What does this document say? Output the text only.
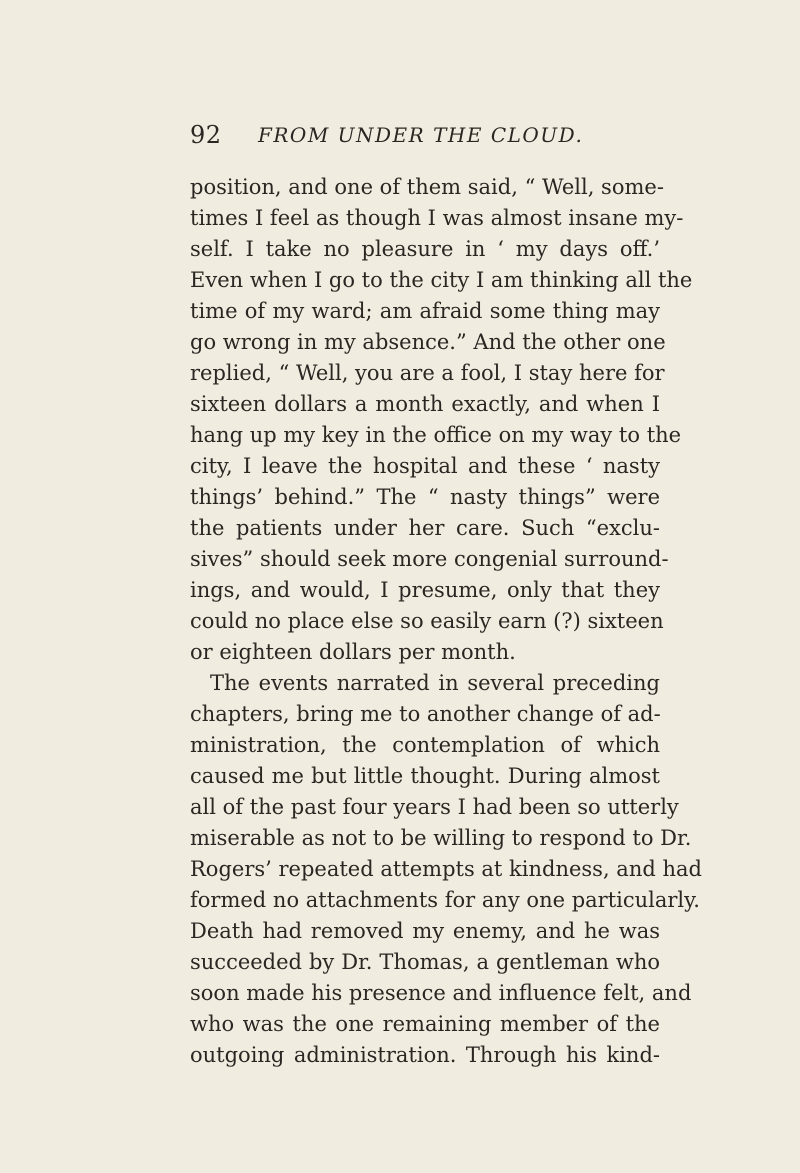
92 FROM UNDER THE CLOUD.
position, and one of them said, “ Well, some-
times I feel as though I was almost insane my-
self. I take no pleasure in ‘ my days off.’
Even when I go to the city I am thinking all the
time of my ward; am afraid some thing may
go wrong in my absence.” And the other one
replied, “ Well, you are a fool, I stay here for
sixteen dollars a month exactly, and when I
hang up my key in the office on my way to the
city, I leave the hospital and these ‘ nasty
things’ behind.” The “ nasty things” were
the patients under her care. Such “exclu-
sives” should seek more congenial surround-
ings, and would, I presume, only that they
could no place else so easily earn (?) sixteen
or eighteen dollars per month.
The events narrated in several preceding
chapters, bring me to another change of ad-
ministration, the contemplation of which
caused me but little thought. During almost
all of the past four years I had been so utterly
miserable as not to be willing to respond to Dr.
Rogers’ repeated attempts at kindness, and had
formed no attachments for any one particularly.
Death had removed my enemy, and he was
succeeded by Dr. Thomas, a gentleman who
soon made his presence and influence felt, and
who was the one remaining member of the
outgoing administration. Through his kind-
